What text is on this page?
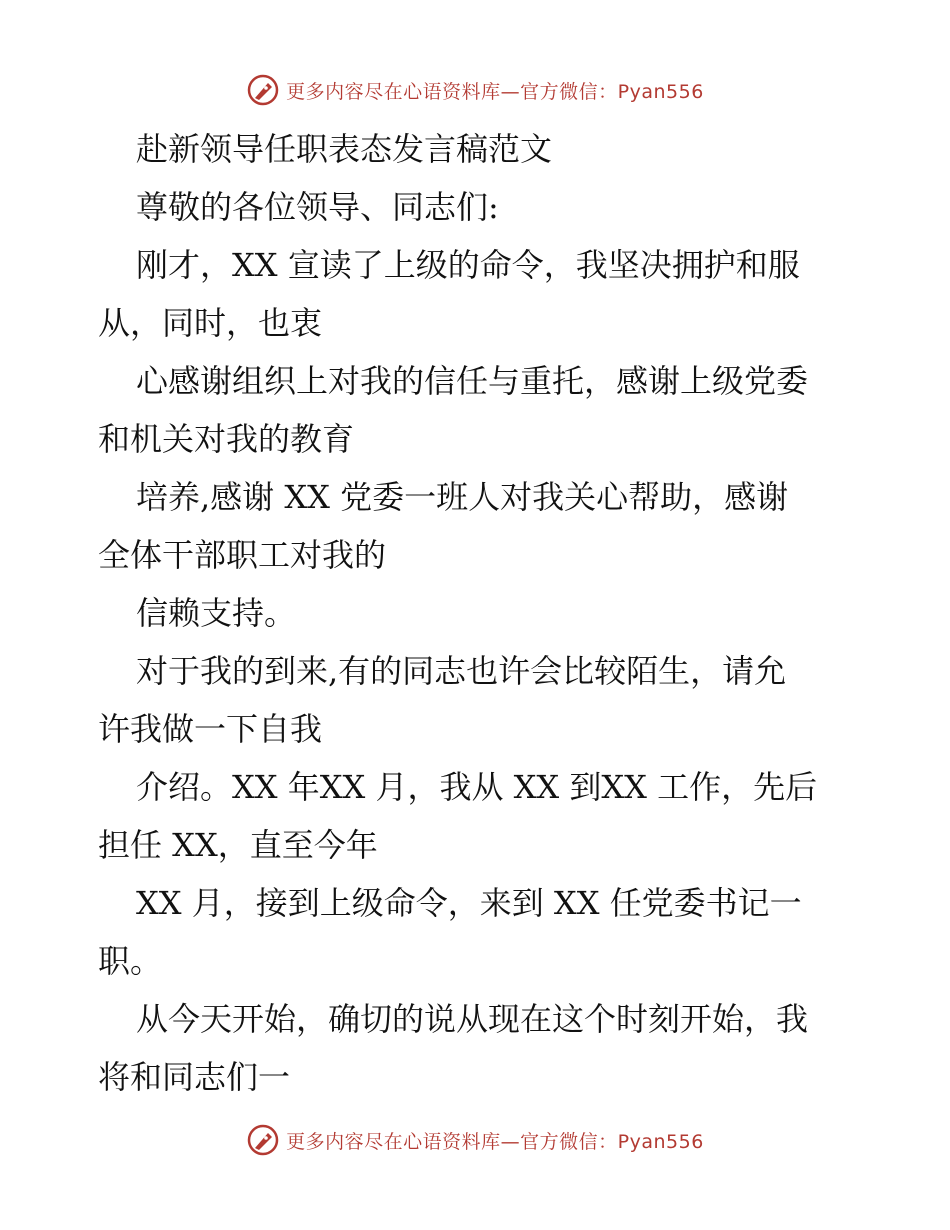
更多内容尽在心语资料库—官方微信：Pyan556

赴新领导任职表态发言稿范文

尊敬的各位领导、同志们:

刚才，XX 宣读了上级的命令，我坚决拥护和服

从，同时，也衷

心感谢组织上对我的信任与重托，感谢上级党委

和机关对我的教育

培养,感谢 XX 党委一班人对我关心帮助，感谢

全体干部职工对我的

信赖支持。

对于我的到来,有的同志也许会比较陌生，请允

许我做一下自我

介绍。XX 年XX 月，我从 XX 到XX 工作，先后

担任 XX，直至今年

XX 月，接到上级命令，来到 XX 任党委书记一

职。

从今天开始，确切的说从现在这个时刻开始，我

将和同志们一

更多内容尽在心语资料库—官方微信：Pyan556
